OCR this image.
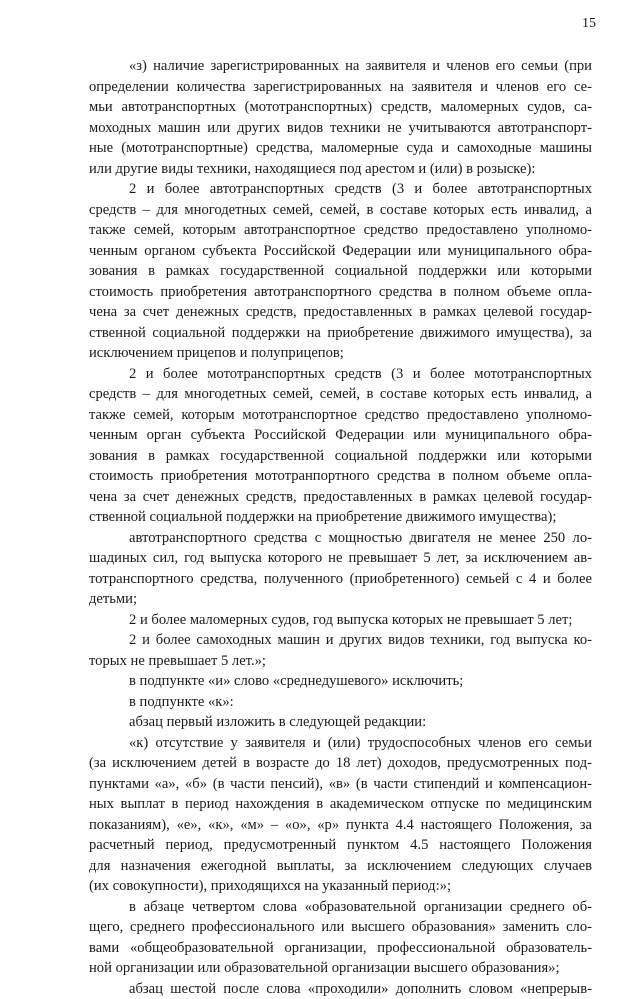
15
«з) наличие зарегистрированных на заявителя и членов его семьи (при
определении количества зарегистрированных на заявителя и членов его се-
мьи автотранспортных (мототранспортных) средств, маломерных судов, са-
моходных машин или других видов техники не учитываются автотранспорт-
ные (мототранспортные) средства, маломерные суда и самоходные машины
или другие виды техники, находящиеся под арестом и (или) в розыске):
2 и более автотранспортных средств (3 и более автотранспортных
средств – для многодетных семей, семей, в составе которых есть инвалид, а
также семей, которым автотранспортное средство предоставлено уполномо-
ченным органом субъекта Российской Федерации или муниципального обра-
зования в рамках государственной социальной поддержки или которыми
стоимость приобретения автотранспортного средства в полном объеме опла-
чена за счет денежных средств, предоставленных в рамках целевой государ-
ственной социальной поддержки на приобретение движимого имущества), за
исключением прицепов и полуприцепов;
2 и более мототранспортных средств (3 и более мототранспортных
средств – для многодетных семей, семей, в составе которых есть инвалид, а
также семей, которым мототранспортное средство предоставлено уполномо-
ченным орган субъекта Российской Федерации или муниципального обра-
зования в рамках государственной социальной поддержки или которыми
стоимость приобретения мототранпортного средства в полном объеме опла-
чена за счет денежных средств, предоставленных в рамках целевой государ-
ственной социальной поддержки на приобретение движимого имущества);
автотранспортного средства с мощностью двигателя не менее 250 ло-
шадиных сил, год выпуска которого не превышает 5 лет, за исключением ав-
тотранспортного средства, полученного (приобретенного) семьей с 4 и более
детьми;
2 и более маломерных судов, год выпуска которых не превышает 5 лет;
2 и более самоходных машин и других видов техники, год выпуска ко-
торых не превышает 5 лет.»;
в подпункте «и» слово «среднедушевого» исключить;
в подпункте «к»:
абзац первый изложить в следующей редакции:
«к) отсутствие у заявителя и (или) трудоспособных членов его семьи
(за исключением детей в возрасте до 18 лет) доходов, предусмотренных под-
пунктами «а», «б» (в части пенсий), «в» (в части стипендий и компенсацион-
ных выплат в период нахождения в академическом отпуске по медицинским
показаниям), «е», «к», «м» – «о», «р» пункта 4.4 настоящего Положения, за
расчетный период, предусмотренный пунктом 4.5 настоящего Положения
для назначения ежегодной выплаты, за исключением следующих случаев
(их совокупности), приходящихся на указанный период:»;
в абзаце четвертом слова «образовательной организации среднего об-
щего, среднего профессионального или высшего образования» заменить сло-
вами «общеобразовательной организации, профессиональной образователь-
ной организации или образовательной организации высшего образования»;
абзац шестой после слова «проходили» дополнить словом «непрерыв-
